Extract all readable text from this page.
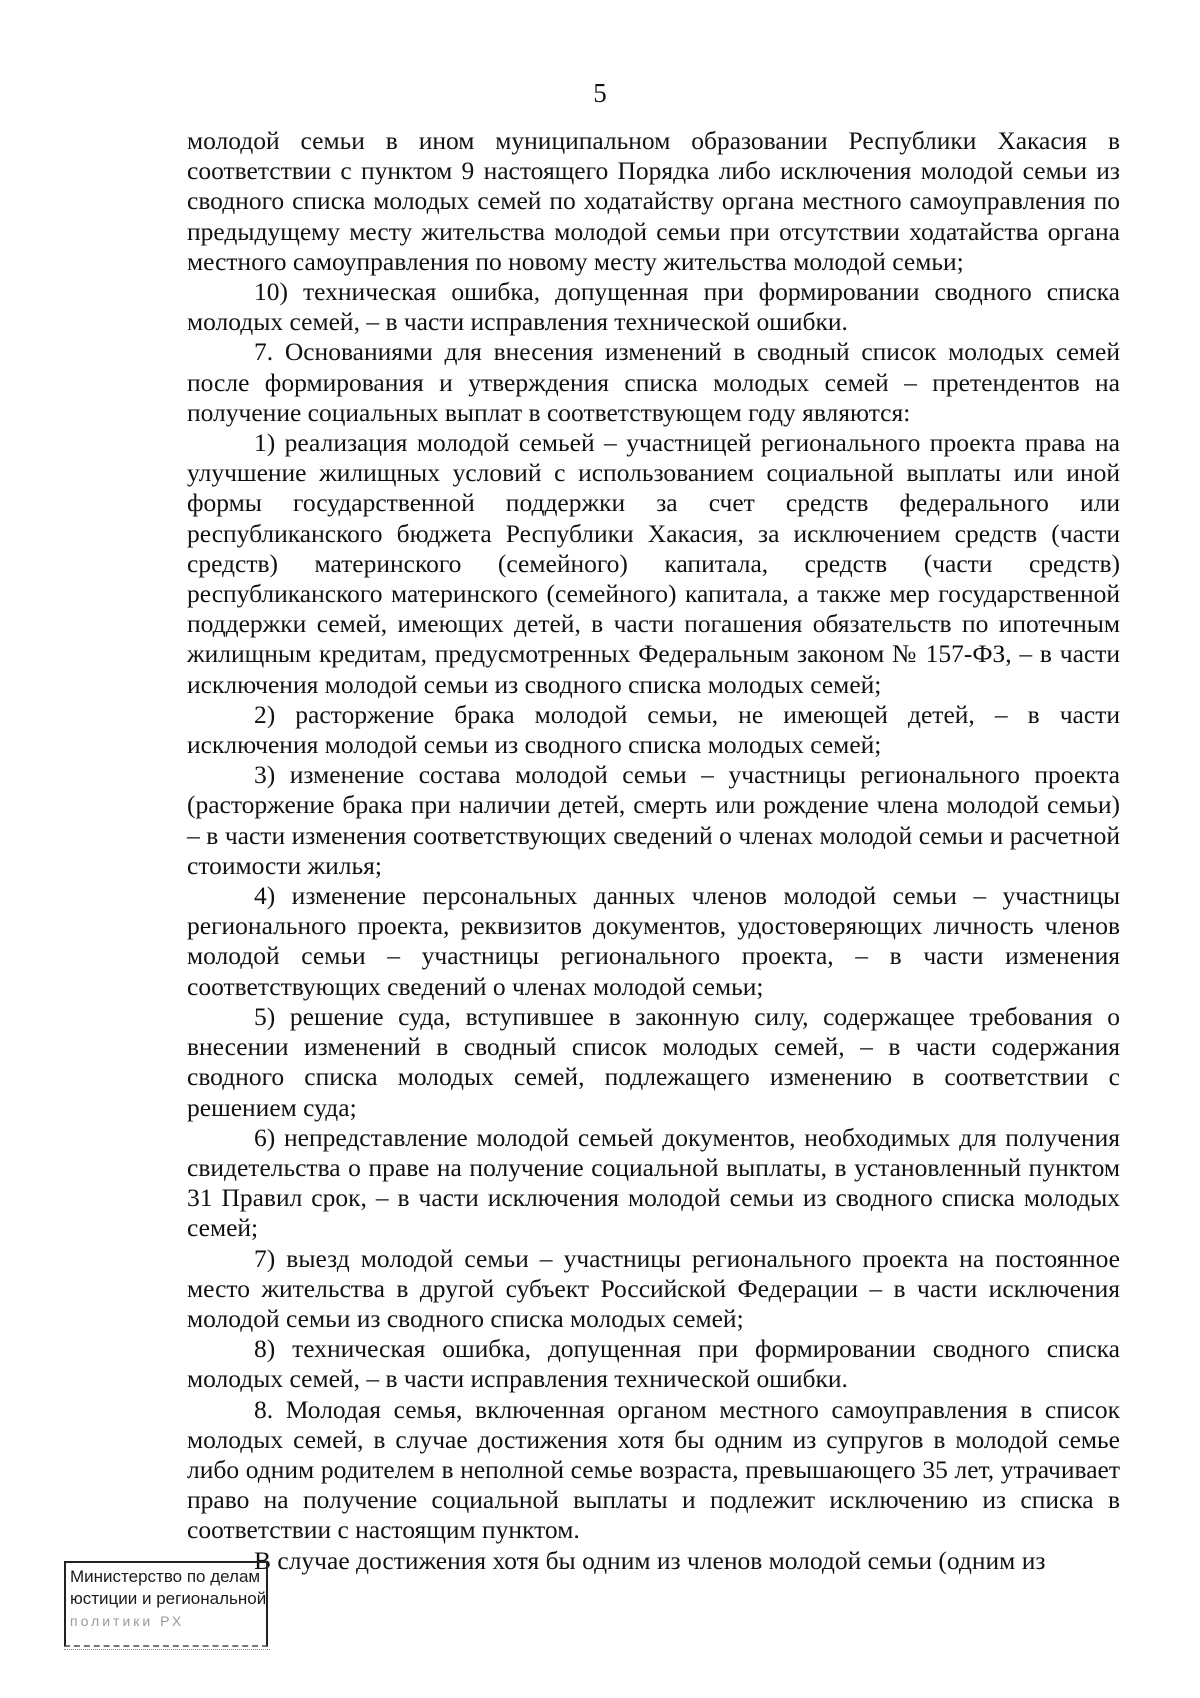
5

молодой семьи в ином муниципальном образовании Республики Хакасия в соответствии с пунктом 9 настоящего Порядка либо исключения молодой семьи из сводного списка молодых семей по ходатайству органа местного самоуправления по предыдущему месту жительства молодой семьи при отсутствии ходатайства органа местного самоуправления по новому месту жительства молодой семьи;

10) техническая ошибка, допущенная при формировании сводного списка молодых семей, – в части исправления технической ошибки.

7. Основаниями для внесения изменений в сводный список молодых семей после формирования и утверждения списка молодых семей – претендентов на получение социальных выплат в соответствующем году являются:

1) реализация молодой семьей – участницей регионального проекта права на улучшение жилищных условий с использованием социальной выплаты или иной формы государственной поддержки за счет средств федерального или республиканского бюджета Республики Хакасия, за исключением средств (части средств) материнского (семейного) капитала, средств (части средств) республиканского материнского (семейного) капитала, а также мер государственной поддержки семей, имеющих детей, в части погашения обязательств по ипотечным жилищным кредитам, предусмотренных Федеральным законом № 157-ФЗ, – в части исключения молодой семьи из сводного списка молодых семей;

2) расторжение брака молодой семьи, не имеющей детей, – в части исключения молодой семьи из сводного списка молодых семей;

3) изменение состава молодой семьи – участницы регионального проекта (расторжение брака при наличии детей, смерть или рождение члена молодой семьи) – в части изменения соответствующих сведений о членах молодой семьи и расчетной стоимости жилья;

4) изменение персональных данных членов молодой семьи – участницы регионального проекта, реквизитов документов, удостоверяющих личность членов молодой семьи – участницы регионального проекта, – в части изменения соответствующих сведений о членах молодой семьи;

5) решение суда, вступившее в законную силу, содержащее требования о внесении изменений в сводный список молодых семей, – в части содержания сводного списка молодых семей, подлежащего изменению в соответствии с решением суда;

6) непредставление молодой семьей документов, необходимых для получения свидетельства о праве на получение социальной выплаты, в установленный пунктом 31 Правил срок, – в части исключения молодой семьи из сводного списка молодых семей;

7) выезд молодой семьи – участницы регионального проекта на постоянное место жительства в другой субъект Российской Федерации – в части исключения молодой семьи из сводного списка молодых семей;

8) техническая ошибка, допущенная при формировании сводного списка молодых семей, – в части исправления технической ошибки.

8. Молодая семья, включенная органом местного самоуправления в список молодых семей, в случае достижения хотя бы одним из супругов в молодой семье либо одним родителем в неполной семье возраста, превышающего 35 лет, утрачивает право на получение социальной выплаты и подлежит исключению из списка в соответствии с настоящим пунктом.

В случае достижения хотя бы одним из членов молодой семьи (одним из

Министерство по делам
юстиции и региональной
политики РХ
